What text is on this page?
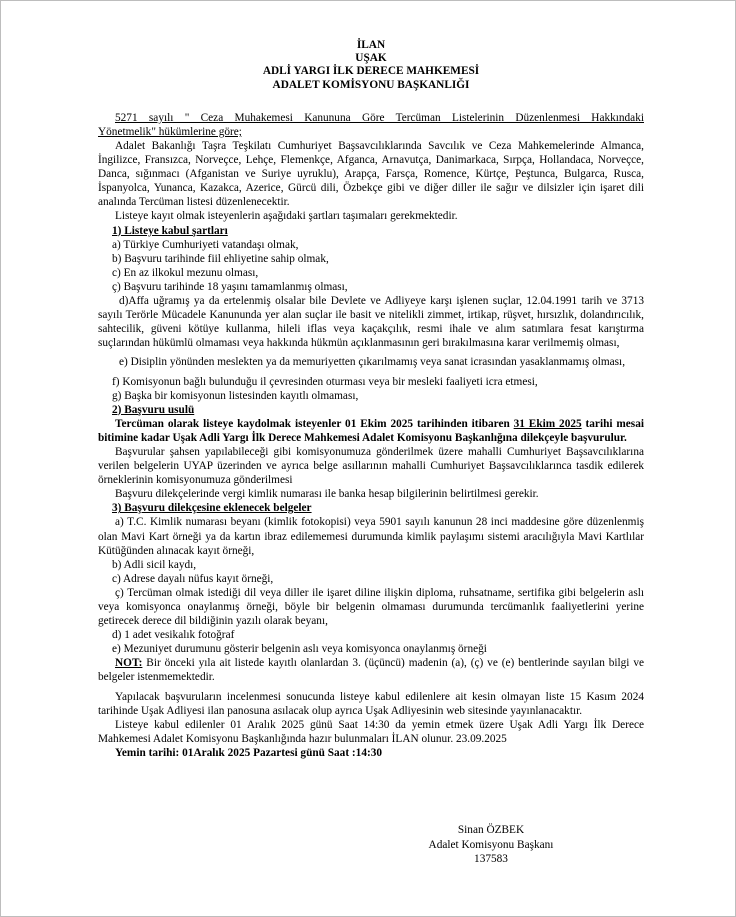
İLAN
UŞAK
ADLİ YARGI İLK DERECE MAHKEMESİ
ADALET KOMİSYONU BAŞKANLIĞI

5271 sayılı " Ceza Muhakemesi Kanununa Göre Tercüman Listelerinin Düzenlenmesi Hakkındaki

Yönetmelik" hükümlerine göre;

Adalet Bakanlığı Taşra Teşkilatı Cumhuriyet Başsavcılıklarında Savcılık ve Ceza Mahkemelerinde Almanca, İngilizce, Fransızca, Norveçce, Lehçe, Flemenkçe, Afganca, Arnavutça, Danimarkaca, Sırpça, Hollandaca, Norveçce, Danca, sığınmacı (Afganistan ve Suriye uyruklu), Arapça, Farsça, Romence, Kürtçe, Peştunca, Bulgarca, Rusca, İspanyolca, Yunanca, Kazakca, Azerice, Gürcü dili, Özbekçe gibi ve diğer diller ile sağır ve dilsizler için işaret dili analında Tercüman listesi düzenlenecektir.

Listeye kayıt olmak isteyenlerin aşağıdaki şartları taşımaları gerekmektedir.

1) Listeye kabul şartları

a) Türkiye Cumhuriyeti vatandaşı olmak,

b) Başvuru tarihinde fiil ehliyetine sahip olmak,

c) En az ilkokul mezunu olması,

ç) Başvuru tarihinde 18 yaşını tamamlanmış olması,

d)Affa uğramış ya da ertelenmiş olsalar bile Devlete ve Adliyeye karşı işlenen suçlar, 12.04.1991 tarih ve 3713 sayılı Terörle Mücadele Kanununda yer alan suçlar ile basit ve nitelikli zimmet, irtikap, rüşvet, hırsızlık, dolandırıcılık, sahtecilik, güveni kötüye kullanma, hileli iflas veya kaçakçılık, resmi ihale ve alım satımlara fesat karıştırma suçlarından hükümlü olmaması veya hakkında hükmün açıklanmasının geri bırakılmasına karar verilmemiş olması,

e) Disiplin yönünden meslekten ya da memuriyetten çıkarılmamış veya sanat icrasından yasaklanmamış olması,

f) Komisyonun bağlı bulunduğu il çevresinden oturması veya bir mesleki faaliyeti icra etmesi,

g) Başka bir komisyonun listesinden kayıtlı olmaması,

2) Başvuru usulü

Tercüman olarak listeye kaydolmak isteyenler 01 Ekim 2025 tarihinden itibaren 31 Ekim 2025 tarihi mesai bitimine kadar Uşak Adli Yargı İlk Derece Mahkemesi Adalet Komisyonu Başkanlığına dilekçeyle başvurulur.

Başvurular şahsen yapılabileceği gibi komisyonumuza gönderilmek üzere mahalli Cumhuriyet Başsavcılıklarına verilen belgelerin UYAP üzerinden ve ayrıca belge asıllarının mahalli Cumhuriyet Başsavcılıklarınca tasdik edilerek örneklerinin komisyonumuza gönderilmesi

Başvuru dilekçelerinde vergi kimlik numarası ile banka hesap bilgilerinin belirtilmesi gerekir.

3) Başvuru dilekçesine eklenecek belgeler

a) T.C. Kimlik numarası beyanı (kimlik fotokopisi) veya 5901 sayılı kanunun 28 inci maddesine göre düzenlenmiş olan Mavi Kart örneği ya da kartın ibraz edilememesi durumunda kimlik paylaşımı sistemi aracılığıyla Mavi Kartlılar Kütüğünden alınacak kayıt örneği,

b) Adli sicil kaydı,

c) Adrese dayalı nüfus kayıt örneği,

ç) Tercüman olmak istediği dil veya diller ile işaret diline ilişkin diploma, ruhsatname, sertifika gibi belgelerin aslı veya komisyonca onaylanmış örneği, böyle bir belgenin olmaması durumunda tercümanlık faaliyetlerini yerine getirecek derece dil bildiğinin yazılı olarak beyanı,

d) 1 adet vesikalık fotoğraf

e) Mezuniyet durumunu gösterir belgenin aslı veya komisyonca onaylanmış örneği

NOT: Bir önceki yıla ait listede kayıtlı olanlardan 3. (üçüncü) madenin (a), (ç) ve (e) bentlerinde sayılan bilgi ve belgeler istenmemektedir.

Yapılacak başvuruların incelenmesi sonucunda listeye kabul edilenlere ait kesin olmayan liste 15 Kasım 2024 tarihinde Uşak Adliyesi ilan panosuna asılacak olup ayrıca Uşak Adliyesinin web sitesinde yayınlanacaktır.

Listeye kabul edilenler 01 Aralık 2025 günü Saat 14:30 da yemin etmek üzere Uşak Adli Yargı İlk Derece Mahkemesi Adalet Komisyonu Başkanlığında hazır bulunmaları İLAN olunur. 23.09.2025

Yemin tarihi: 01Aralık 2025 Pazartesi günü Saat :14:30

Sinan ÖZBEK
Adalet Komisyonu Başkanı
137583
